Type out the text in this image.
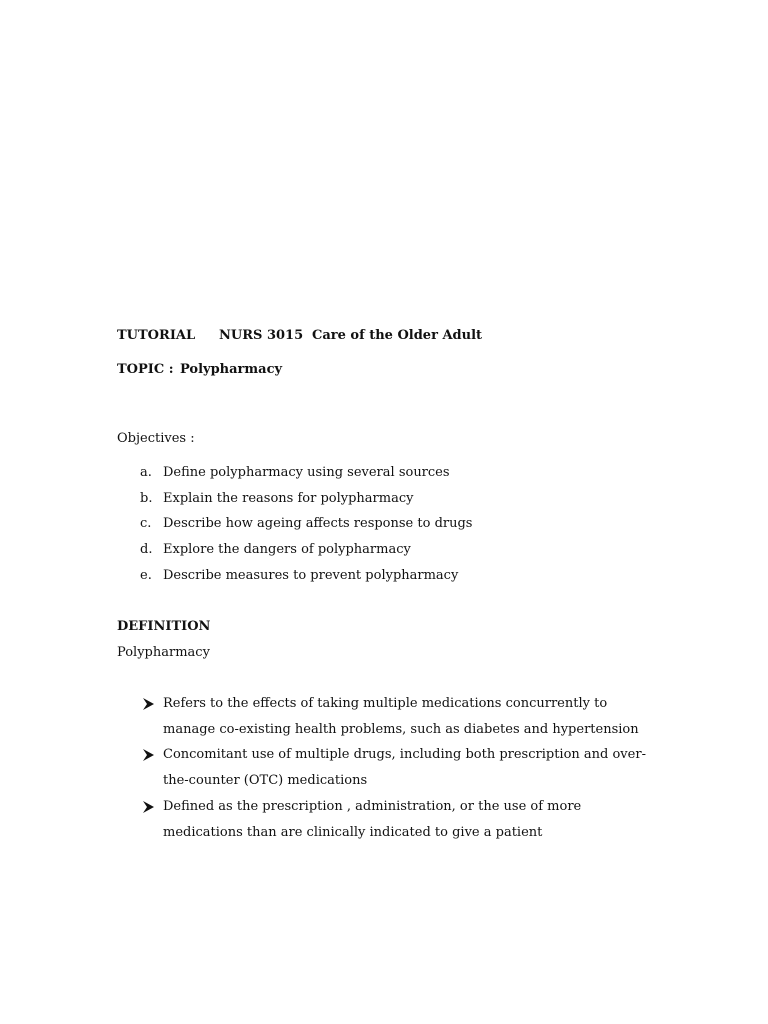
TUTORIAL NURS 3015 Care of the Older Adult
TOPIC : Polypharmacy
Objectives :
a. Define polypharmacy using several sources
b. Explain the reasons for polypharmacy
c. Describe how ageing affects response to drugs
d. Explore the dangers of polypharmacy
e. Describe measures to prevent polypharmacy
DEFINITION
Polypharmacy
Refers to the effects of taking multiple medications concurrently to
manage co-existing health problems, such as diabetes and hypertension
Concomitant use of multiple drugs, including both prescription and over-
the-counter (OTC) medications
Defined as the prescription , administration, or the use of more
medications than are clinically indicated to give a patient
